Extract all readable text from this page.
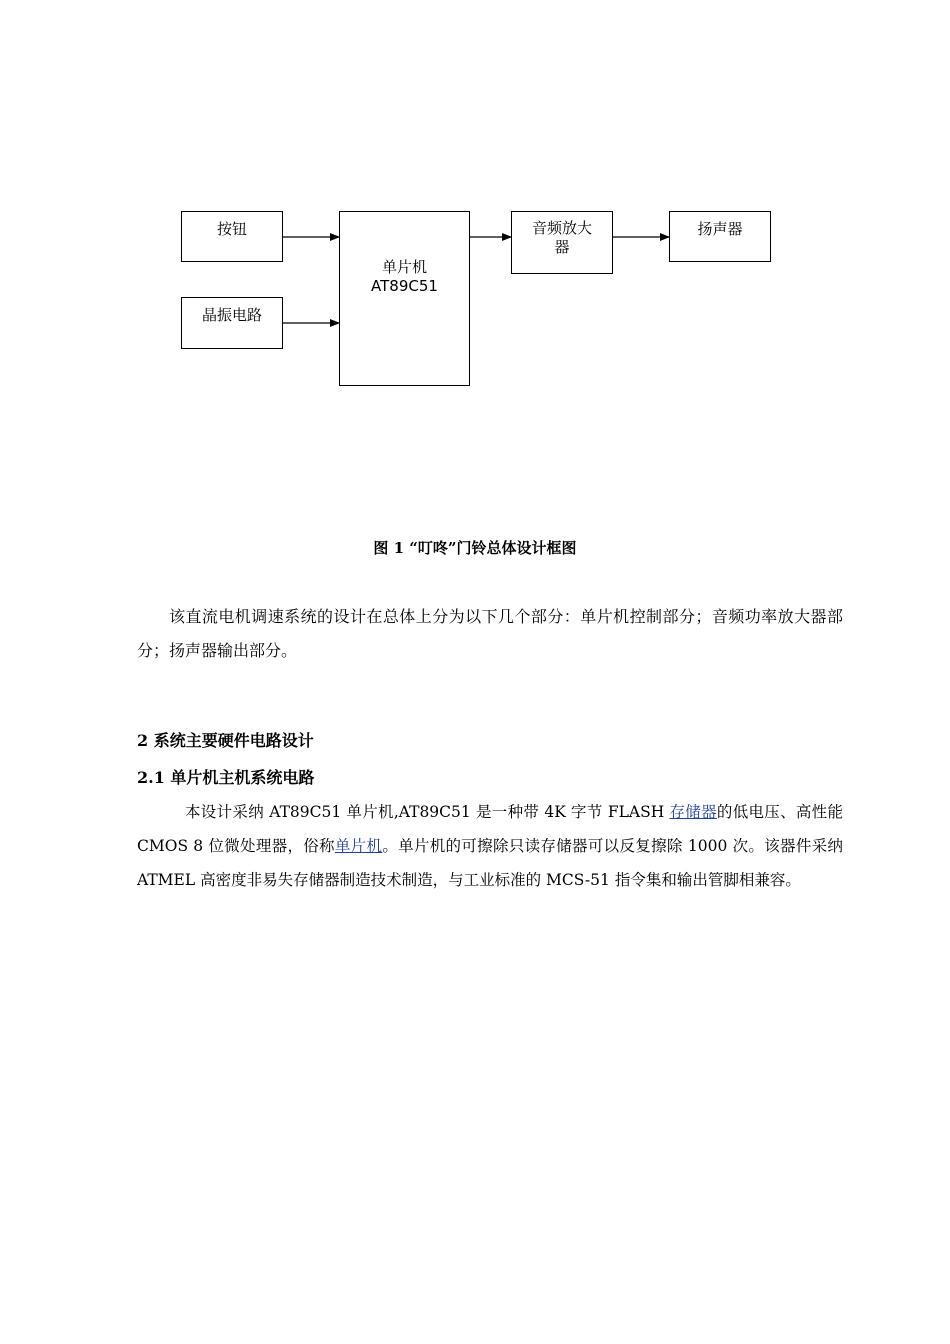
按钮
晶振电路
单片机
AT89C51
音频放大
器
扬声器
图 1 “叮咚”门铃总体设计框图

该直流电机调速系统的设计在总体上分为以下几个部分：单片机控制部分；音频功率放大器部分；扬声器输出部分。

2 系统主要硬件电路设计
2.1 单片机主机系统电路

本设计采纳 AT89C51 单片机,AT89C51 是一种带 4K 字节 FLASH 存储器的低电压、高性能 CMOS 8 位微处理器，俗称单片机。单片机的可擦除只读存储器可以反复擦除 1000 次。该器件采纳 ATMEL 高密度非易失存储器制造技术制造，与工业标准的 MCS-51 指令集和输出管脚相兼容。
